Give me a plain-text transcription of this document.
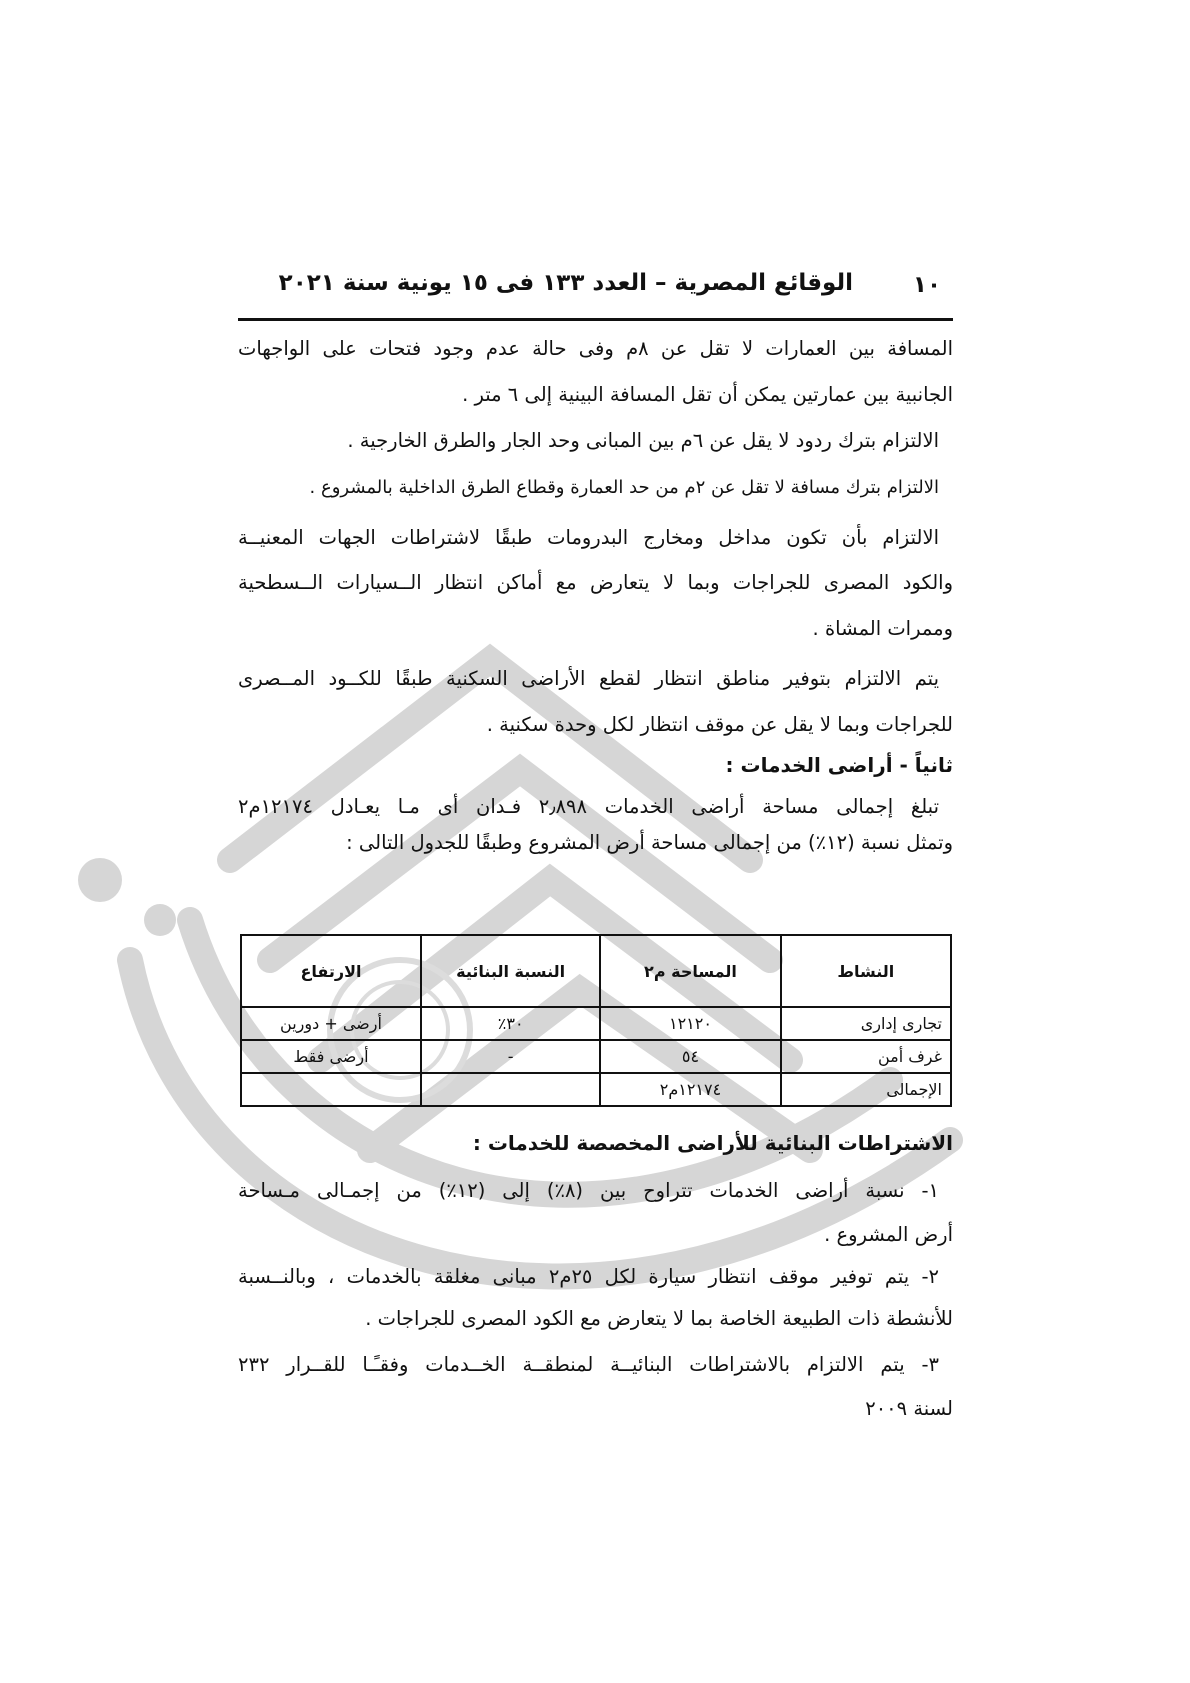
١٠
الوقائع المصرية – العدد ١٣٣ فى ١٥ يونية سنة ٢٠٢١
المسافة بين العمارات لا تقل عن ٨م وفى حالة عدم وجود فتحات على الواجهات
الجانبية بين عمارتين يمكن أن تقل المسافة البينية إلى ٦ متر .
الالتزام بترك ردود لا يقل عن ٦م بين المبانى وحد الجار والطرق الخارجية .
الالتزام بترك مسافة لا تقل عن ٢م من حد العمارة وقطاع الطرق الداخلية بالمشروع .
الالتزام بأن تكون مداخل ومخارج البدرومات طبقًا لاشتراطات الجهات المعنيــة
والكود المصرى للجراجات وبما لا يتعارض مع أماكن انتظار الــسيارات الــسطحية
وممرات المشاة .
يتم الالتزام بتوفير مناطق انتظار لقطع الأراضى السكنية طبقًا للكــود المــصرى
للجراجات وبما لا يقل عن موقف انتظار لكل وحدة سكنية .
ثانياً - أراضى الخدمات :
تبلغ إجمالى مساحة أراضى الخدمات ٢٫٨٩٨ فـدان أى مـا يعـادل ١٢١٧٤م٢
وتمثل نسبة (١٢٪) من إجمالى مساحة أرض المشروع وطبقًا للجدول التالى :
النشاط	المساحة م٢	النسبة البنائية	الارتفاع
تجارى إدارى	١٢١٢٠	٣٠٪	أرضى + دورين
غرف أمن	٥٤	-	أرضى فقط
الإجمالى	١٢١٧٤م٢		
الاشتراطات البنائية للأراضى المخصصة للخدمات :
١- نسبة أراضى الخدمات تتراوح بين (٨٪) إلى (١٢٪) من إجمـالى مـساحة
أرض المشروع .
٢- يتم توفير موقف انتظار سيارة لكل ٢٥م٢ مبانى مغلقة بالخدمات ، وبالنــسبة
للأنشطة ذات الطبيعة الخاصة بما لا يتعارض مع الكود المصرى للجراجات .
٣- يتم الالتزام بالاشتراطات البنائيــة لمنطقــة الخــدمات وفقـًـا للقــرار ٢٣٢
لسنة ٢٠٠٩
